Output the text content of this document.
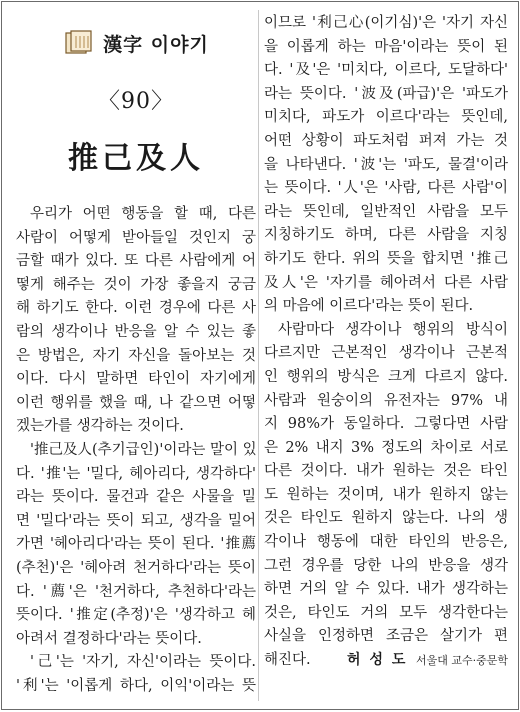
漢字 이야기
〈90〉
推己及人
우리가 어떤 행동을 할 때, 다른
사람이 어떻게 받아들일 것인지 궁
금할 때가 있다. 또 다른 사람에게 어
떻게 해주는 것이 가장 좋을지 궁금
해 하기도 한다. 이런 경우에 다른 사
람의 생각이나 반응을 알 수 있는 좋
은 방법은, 자기 자신을 돌아보는 것
이다. 다시 말하면 타인이 자기에게
이런 행위를 했을 때, 나 같으면 어떻
겠는가를 생각하는 것이다.
'推己及人(추기급인)'이라는 말이 있
다. '推'는 '밀다, 헤아리다, 생각하다'
라는 뜻이다. 물건과 같은 사물을 밀
면 '밀다'라는 뜻이 되고, 생각을 밀어
가면 '헤아리다'라는 뜻이 된다. '推薦
(추천)'은 '헤아려 천거하다'라는 뜻이
다. '薦'은 '천거하다, 추천하다'라는
뜻이다. '推定(추정)'은 '생각하고 헤
아려서 결정하다'라는 뜻이다.
'己'는 '자기, 자신'이라는 뜻이다.
'利'는 '이롭게 하다, 이익'이라는 뜻
이므로 '利己心(이기심)'은 '자기 자신
을 이롭게 하는 마음'이라는 뜻이 된
다. '及'은 '미치다, 이르다, 도달하다'
라는 뜻이다. '波及(파급)'은 '파도가
미치다, 파도가 이르다'라는 뜻인데,
어떤 상황이 파도처럼 퍼져 가는 것
을 나타낸다. '波'는 '파도, 물결'이라
는 뜻이다. '人'은 '사람, 다른 사람'이
라는 뜻인데, 일반적인 사람을 모두
지칭하기도 하며, 다른 사람을 지칭
하기도 한다. 위의 뜻을 합치면 '推己
及人'은 '자기를 헤아려서 다른 사람
의 마음에 이르다'라는 뜻이 된다.
사람마다 생각이나 행위의 방식이
다르지만 근본적인 생각이나 근본적
인 행위의 방식은 크게 다르지 않다.
사람과 원숭이의 유전자는 97% 내
지 98%가 동일하다. 그렇다면 사람
은 2% 내지 3% 정도의 차이로 서로
다른 것이다. 내가 원하는 것은 타인
도 원하는 것이며, 내가 원하지 않는
것은 타인도 원하지 않는다. 나의 생
각이나 행동에 대한 타인의 반응은,
그런 경우를 당한 나의 반응을 생각
하면 거의 알 수 있다. 내가 생각하는
것은, 타인도 거의 모두 생각한다는
사실을 인정하면 조금은 살기가 편
해진다.	허 성 도 서울대 교수·중문학
